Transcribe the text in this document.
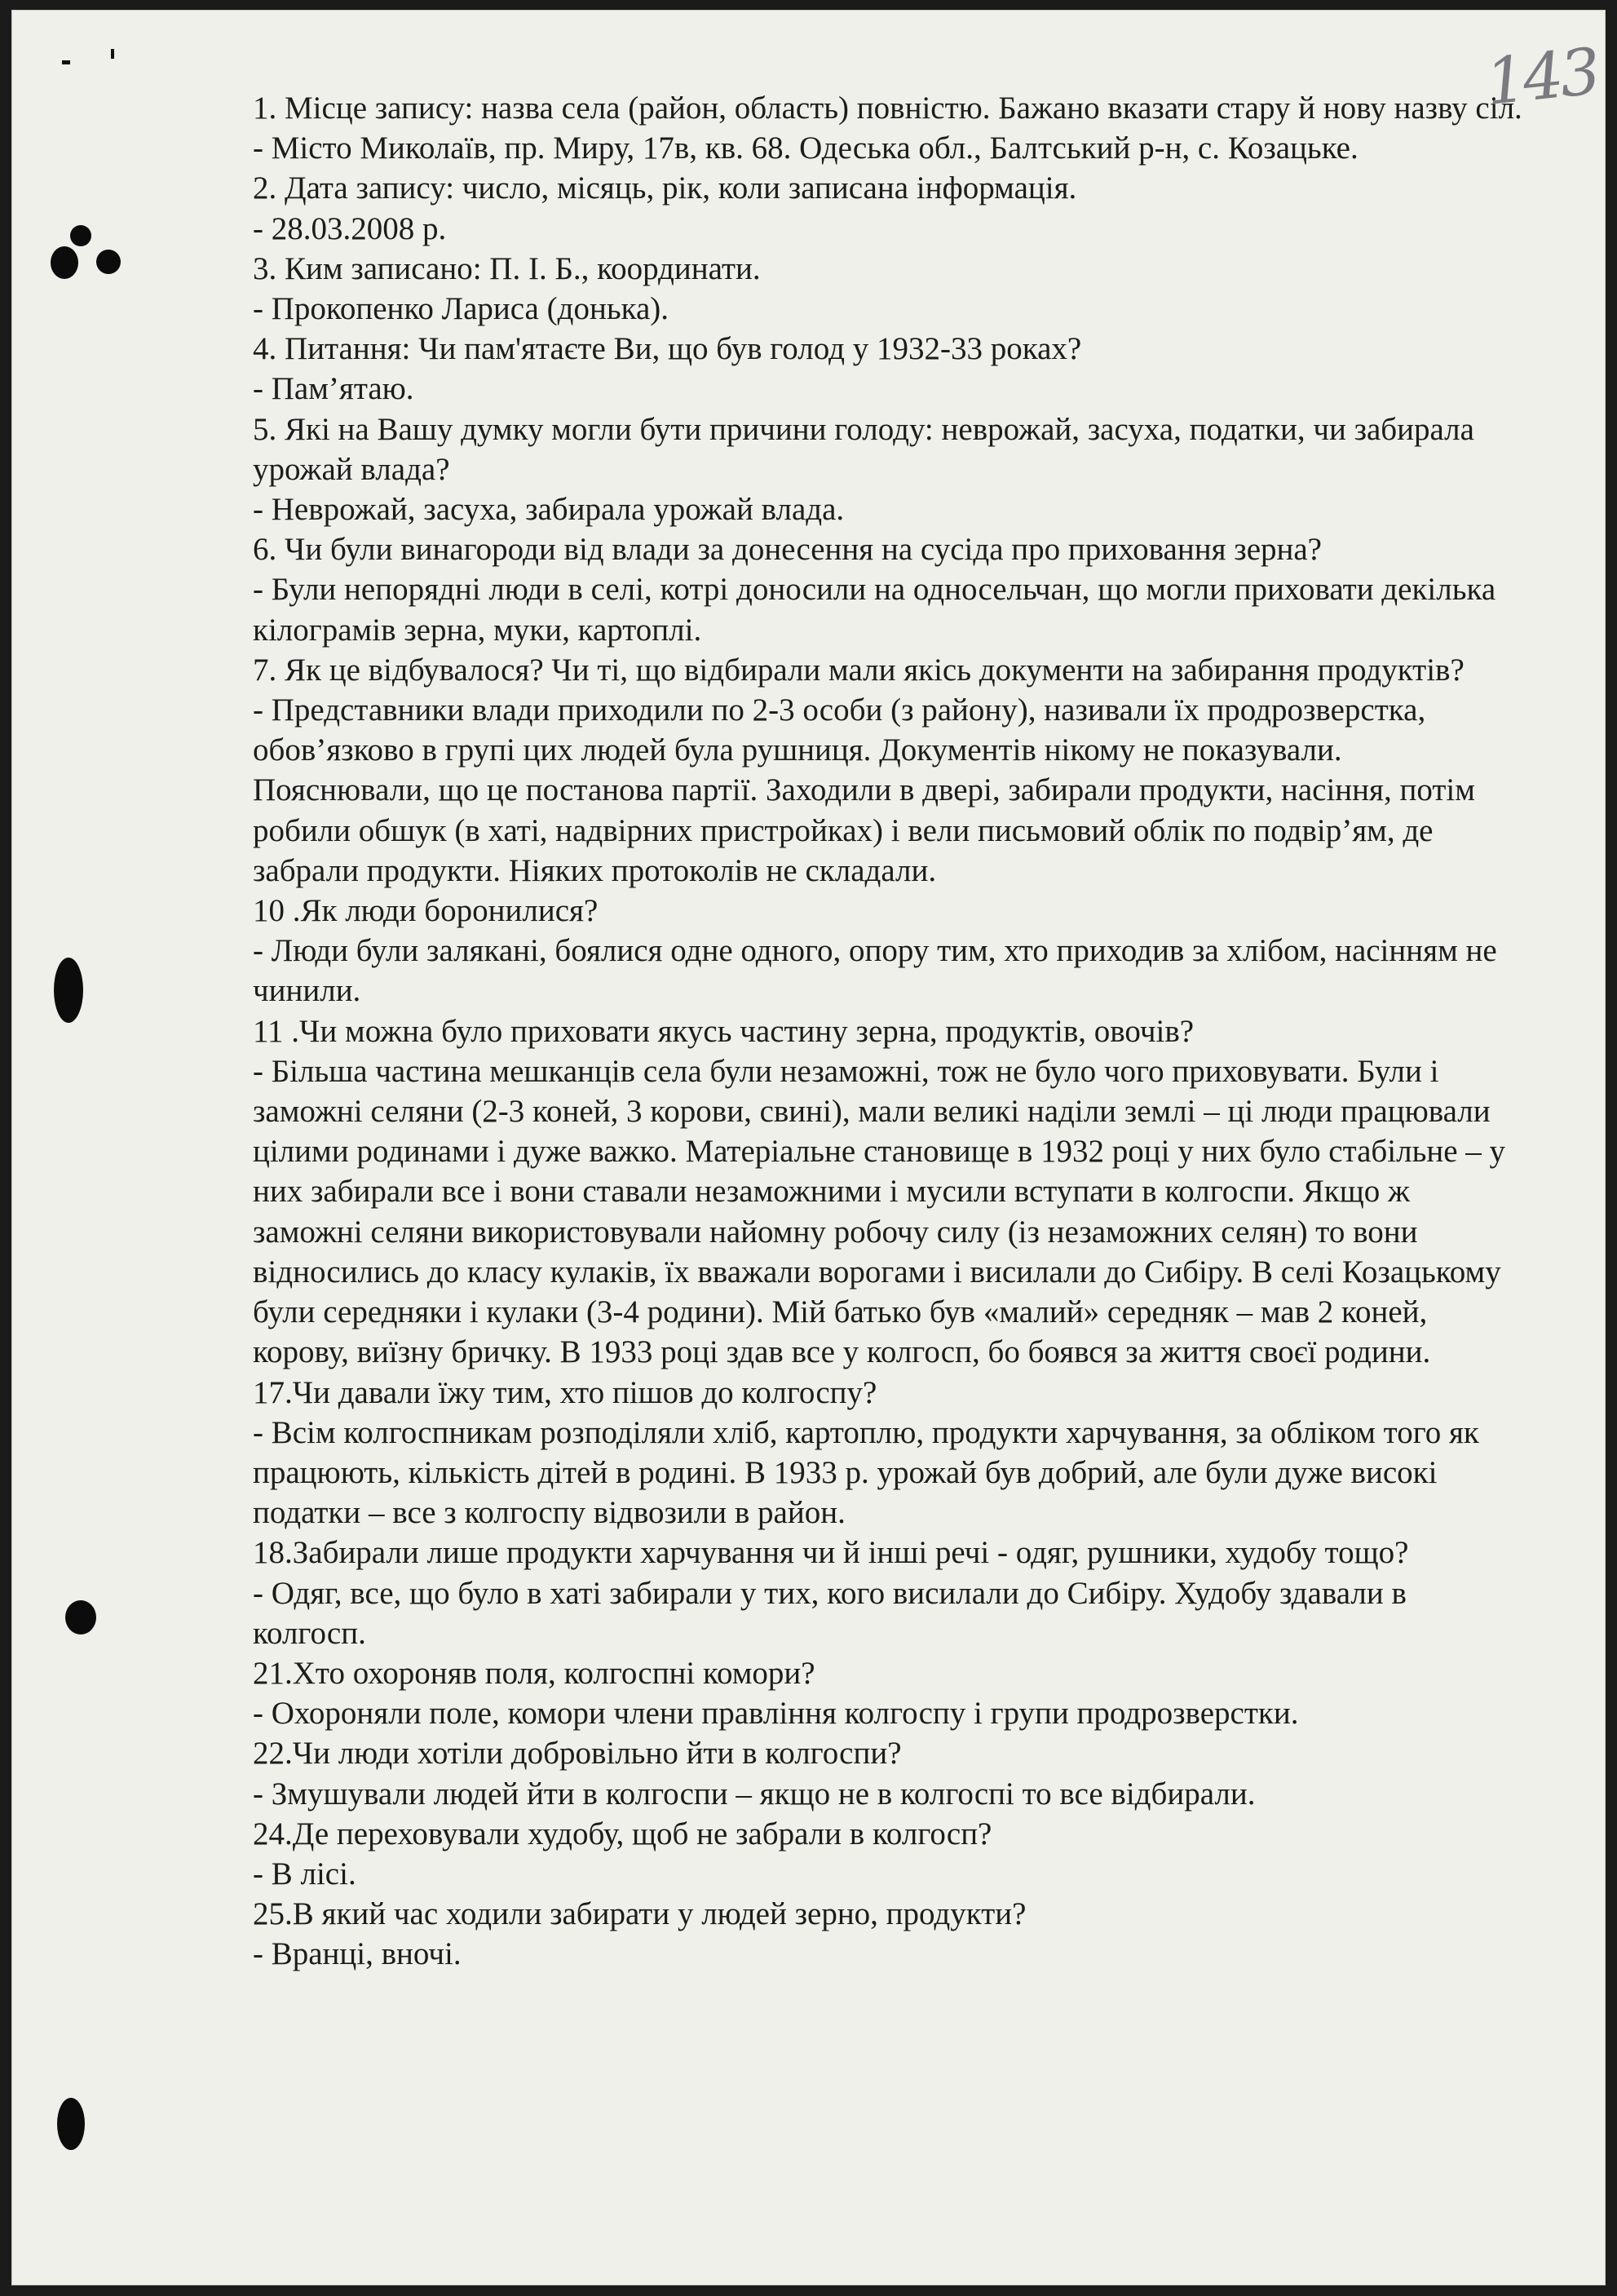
143

1. Місце запису: назва села (район, область) повністю. Бажано вказати стару й нову назву сіл.

- Місто Миколаїв, пр. Миру, 17в, кв. 68. Одеська обл., Балтський р-н, с. Козацьке.

2. Дата запису: число, місяць, рік, коли записана інформація.

- 28.03.2008 р.

3. Ким записано: П. І. Б., координати.

- Прокопенко Лариса (донька).

4. Питання: Чи пам'ятаєте Ви, що був голод у 1932-33 роках?

- Пам’ятаю.

5. Які на Вашу думку могли бути причини голоду: неврожай, засуха, податки, чи забирала урожай влада?

- Неврожай, засуха, забирала урожай влада.

6. Чи були винагороди від влади за донесення на сусіда про приховання зерна?

- Були непорядні люди в селі, котрі доносили на односельчан, що могли приховати декілька кілограмів зерна, муки, картоплі.

7. Як це відбувалося? Чи ті, що відбирали мали якісь документи на забирання продуктів?

- Представники влади приходили по 2-3 особи (з району), називали їх продрозверстка, обов’язково в групі цих людей була рушниця. Документів нікому не показували. Пояснювали, що це постанова партії. Заходили в двері, забирали продукти, насіння, потім робили обшук (в хаті, надвірних пристройках) і вели письмовий облік по подвір’ям, де забрали продукти. Ніяких протоколів не складали.

10 .Як люди боронилися?

- Люди були залякані, боялися одне одного, опору тим, хто приходив за хлібом, насінням не чинили.

11 .Чи можна було приховати якусь частину зерна, продуктів, овочів?

- Більша частина мешканців села були незаможні, тож не було чого приховувати. Були і заможні селяни (2-3 коней, 3 корови, свині), мали великі наділи землі – ці люди працювали цілими родинами і дуже важко. Матеріальне становище в 1932 році у них було стабільне – у них забирали все і вони ставали незаможними і мусили вступати в колгоспи. Якщо ж заможні селяни використовували найомну робочу силу (із незаможних селян) то вони відносились до класу кулаків, їх вважали ворогами і висилали до Сибіру. В селі Козацькому були середняки і кулаки (3-4 родини). Мій батько був «малий» середняк – мав 2 коней, корову, виїзну бричку. В 1933 році здав все у колгосп, бо боявся за життя своєї родини.

17.Чи давали їжу тим, хто пішов до колгоспу?

- Всім колгоспникам розподіляли хліб, картоплю, продукти харчування, за обліком того як працюють, кількість дітей в родині. В 1933 р. урожай був добрий, але були дуже високі податки – все з колгоспу відвозили в район.

18.Забирали лише продукти харчування чи й інші речі - одяг, рушники, худобу тощо?

- Одяг, все, що було в хаті забирали у тих, кого висилали до Сибіру. Худобу здавали в колгосп.

21.Хто охороняв поля, колгоспні комори?

- Охороняли поле, комори члени правління колгоспу і групи продрозверстки.

22.Чи люди хотіли добровільно йти в колгоспи?

- Змушували людей йти в колгоспи – якщо не в колгоспі то все відбирали.

24.Де переховували худобу, щоб не забрали в колгосп?

- В лісі.

25.В який час ходили забирати у людей зерно, продукти?

- Вранці, вночі.
